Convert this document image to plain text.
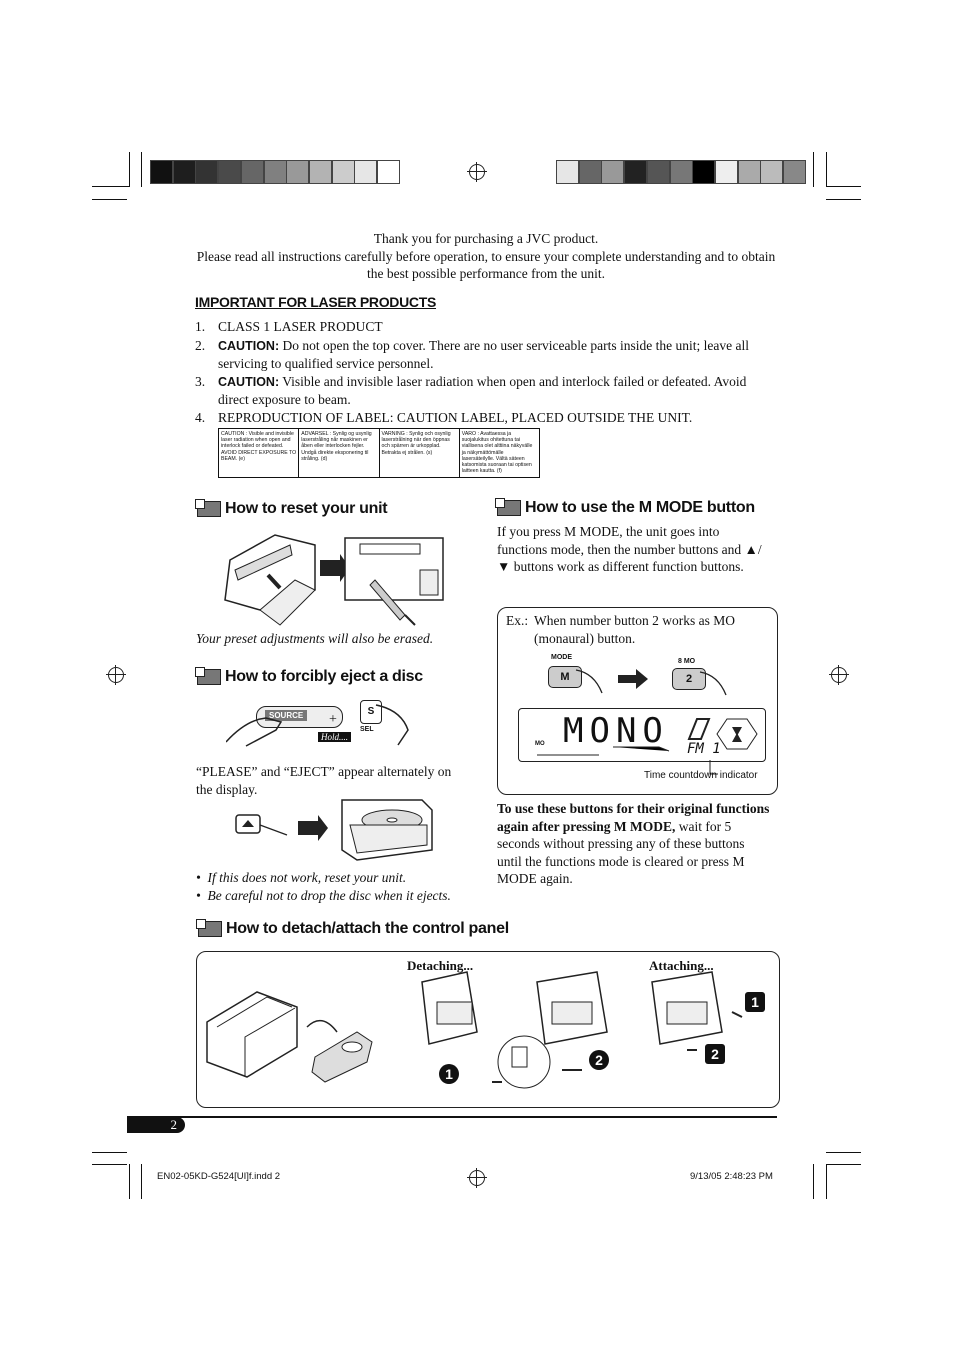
Thank you for purchasing a JVC product.
Please read all instructions carefully before operation, to ensure your complete understanding and to obtain the best possible performance from the unit.
IMPORTANT FOR LASER PRODUCTS
1. CLASS 1 LASER PRODUCT
2.	CAUTION: Do not open the top cover. There are no user serviceable parts inside the unit; leave all servicing to qualified service personnel.
3.	CAUTION: Visible and invisible laser radiation when open and interlock failed or defeated. Avoid direct exposure to beam.
4. REPRODUCTION OF LABEL: CAUTION LABEL, PLACED OUTSIDE THE UNIT.
CAUTION : Visible and invisible laser radiation when open and interlock failed or defeated. AVOID DIRECT EXPOSURE TO BEAM. (e)
ADVARSEL : Synlig og usynlig laserstråling når maskinen er åben eller interlocken fejler. Undgå direkte eksponering til stråling. (d)
VARNING : Synlig och osynlig laserstrålning när den öppnas och spärren är urkopplad. Betrakta ej strålen. (s)
VARO : Avattaessa ja suojalukitus ohitettuna tai viallisena olet alttiina näkyvälle ja näkymättömälle lasersäteilylle. Vältä säteen katsomista suoraan tai optisen laitteen kautta. (f)
How to reset your unit
Your preset adjustments will also be erased.
How to forcibly eject a disc
SOURCE +
Hold....
S
SEL
“PLEASE” and “EJECT” appear alternately on the display.
•  If this does not work, reset your unit.
•  Be careful not to drop the disc when it ejects.
How to use the M MODE button
If you press M MODE, the unit goes into functions mode, then the number buttons and ▲/▼ buttons work as different function buttons.
Ex.: When number button 2 works as MO (monaural) button.
MODE
M
8 MO
2
MONO
MO	FM 1
Time countdown indicator
To use these buttons for their original functions again after pressing M MODE, wait for 5 seconds without pressing any of these buttons until the functions mode is cleared or press M MODE again.
How to detach/attach the control panel
Detaching...	Attaching...
1
2
1
2
2
EN02-05KD-G524[UI]f.indd 2	9/13/05 2:48:23 PM
